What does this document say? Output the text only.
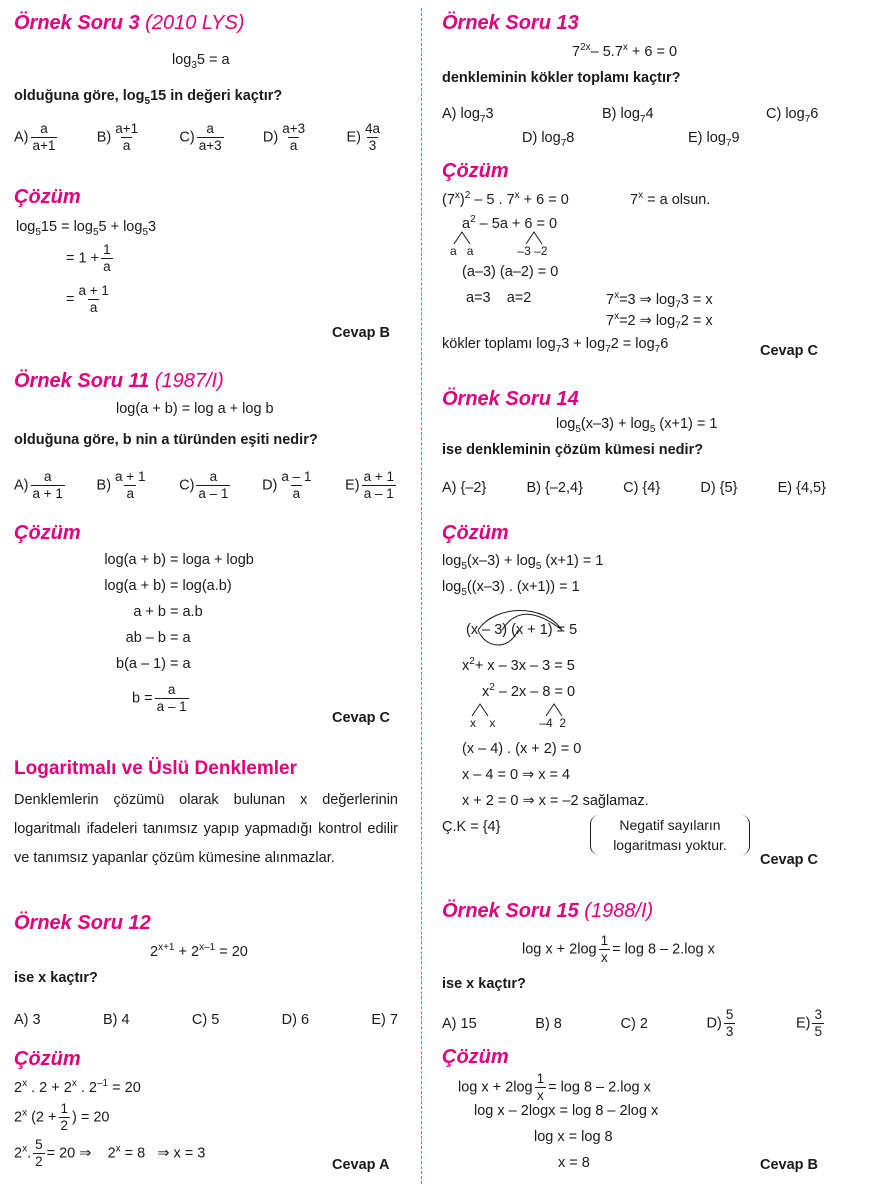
Örnek Soru 3 (2010 LYS)
$\log_35 = a$
olduğuna göre, $\log_515$ in değeri kaçtır?
$A) \frac{a}{a+1}$	$B) \frac{a+1}{a}$	$C) \frac{a}{a+3}$	$D) \frac{a+3}{a}$	$E) \frac{4a}{3}$
Çözüm
$\log_515 = \log_55 + \log_53$
= $1 + \frac{1}{a}$
= $\frac{a + 1}{a}$
Cevap B
Örnek Soru 11 (1987/I)
log(a + b) = log a + log b
olduğuna göre, b nin a türünden eşiti nedir?
$A) \frac{a}{a + 1} B) \frac{a + 1}{a} C) \frac{a}{a - 1} D) \frac{a - 1}{a} E) \frac{a + 1}{a - 1}$
Çözüm
log(a + b) = loga + logb
log(a + b) = log(a.b)
a + b = a.b
ab – b = a
b(a – 1) = a
$b = \frac{a}{a - 1}$
Cevap C
Logaritmalı ve Üslü Denklemler
Denklemlerin çözümü olarak bulunan x değerlerinin logaritmalı ifadeleri tanımsız yapıp yapmadığı kontrol edilir ve tanımsız yapanlar çözüm kümesine alınmazlar.
Örnek Soru 12
$2^{x+1} + 2^{x-1} = 20$
ise x kaçtır?
A) 3	B) 4	C) 5	D) 6	E) 7
Çözüm
2$^x$ . $2 + 2^x$ . $2^{-1} = 20$
2$^x$ ($2 + \frac{1}{2}$ ) = 20
2$^x$. $\frac{5}{2} = 20$ ⇒ $2^x = 8$ ⇒ x = 3
Cevap A
Örnek Soru 13
$7^{2x}-$ $5.7^x + 6 = 0$
denkleminin kökler toplamı kaçtır?
A) $\log_73$	B) $\log_74$	C) $\log_76$
D) $\log_78$	E) $\log_79$
Çözüm
$(7^x)^2 - 5$ . $7^x + 6 = 0$	$7^x = a$ olsun.
$a^2 - 5a + 6 = 0$
a a	–3 –2
(a–3) (a–2) = 0
a=3 a=2	$7^x=3$ ⇒ $\log_73 = x$
$7^x=2$ ⇒ $\log_72 = x$
kökler toplamı $\log_73 + \log_72 = \log_76$	Cevap C
Örnek Soru 14
$\log_5(x-3) + \log_5 (x+1) = 1$
ise denkleminin çözüm kümesi nedir?
A) {–2}	B) {–2,4}	C) {4}	D) {5}	E) {4,5}
Çözüm
$\log_5(x-3) + \log_5 (x+1) = 1$
$\log_5((x-3)$ . (x+1)) = 1
(x – 3) (x + 1) = 5
$x^2+ x - 3x - 3 = 5$
$x^2 - 2x - 8 = 0$
x x	–4 2
(x – 4) . (x + 2) = 0
x – 4 = 0 ⇒ x = 4
x + 2 = 0 ⇒ x = –2 sağlamaz.
Ç.K = {4}	Negatif sayıların
logaritması yoktur.
Cevap C
Örnek Soru 15 (1988/I)
$\log x + 2\log \frac{1}{x} = \log 8 - 2.\log$ x
ise x kaçtır?
A) 15	B) 8	C) 2	$D) \frac{5}{3}$	$E) \frac{3}{5}$
Çözüm
$\log x + 2\log \frac{1}{x} = \log 8 - 2.\log$ x
log x – 2logx = log 8 – 2log x
log x = log 8
x = 8	Cevap B
